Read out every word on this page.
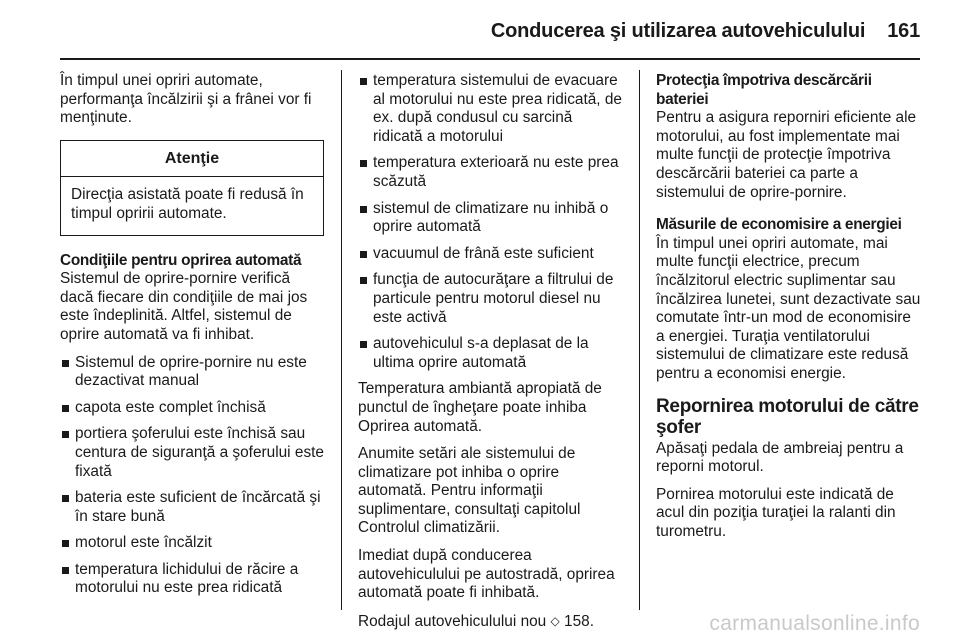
Conducerea şi utilizarea autovehiculului 161

În timpul unei opriri automate, performanţa încălzirii şi a frânei vor fi menţinute.

Atenţie
Direcţia asistată poate fi redusă în timpul opririi automate.
Condiţiile pentru oprirea automată

Sistemul de oprire-pornire verifică dacă fiecare din condiţiile de mai jos este îndeplinită. Altfel, sistemul de oprire automată va fi inhibat.

Sistemul de oprire-pornire nu este dezactivat manual
capota este complet închisă
portiera şoferului este închisă sau centura de siguranţă a şoferului este fixată
bateria este suficient de încărcată şi în stare bună
motorul este încălzit
temperatura lichidului de răcire a motorului nu este prea ridicată
temperatura sistemului de evacuare al motorului nu este prea ridicată, de ex. după condusul cu sarcină ridicată a motorului
temperatura exterioară nu este prea scăzută
sistemul de climatizare nu inhibă o oprire automată
vacuumul de frână este suficient
funcţia de autocurăţare a filtrului de particule pentru motorul diesel nu este activă
autovehiculul s-a deplasat de la ultima oprire automată

Temperatura ambiantă apropiată de punctul de îngheţare poate inhiba Oprirea automată.

Anumite setări ale sistemului de climatizare pot inhiba o oprire automată. Pentru informaţii suplimentare, consultaţi capitolul Controlul climatizării.

Imediat după conducerea autovehiculului pe autostradă, oprirea automată poate fi inhibată.

Rodajul autovehiculului nou ◇ 158.

Protecţia împotriva descărcării bateriei

Pentru a asigura reporniri eficiente ale motorului, au fost implementate mai multe funcţii de protecţie împotriva descărcării bateriei ca parte a sistemului de oprire-pornire.

Măsurile de economisire a energiei

În timpul unei opriri automate, mai multe funcţii electrice, precum încălzitorul electric suplimentar sau încălzirea lunetei, sunt dezactivate sau comutate într-un mod de economisire a energiei. Turaţia ventilatorului sistemului de climatizare este redusă pentru a economisi energie.

Repornirea motorului de către şofer

Apăsaţi pedala de ambreiaj pentru a reporni motorul.

Pornirea motorului este indicată de acul din poziţia turaţiei la ralanti din turometru.

carmanualsonline.info
